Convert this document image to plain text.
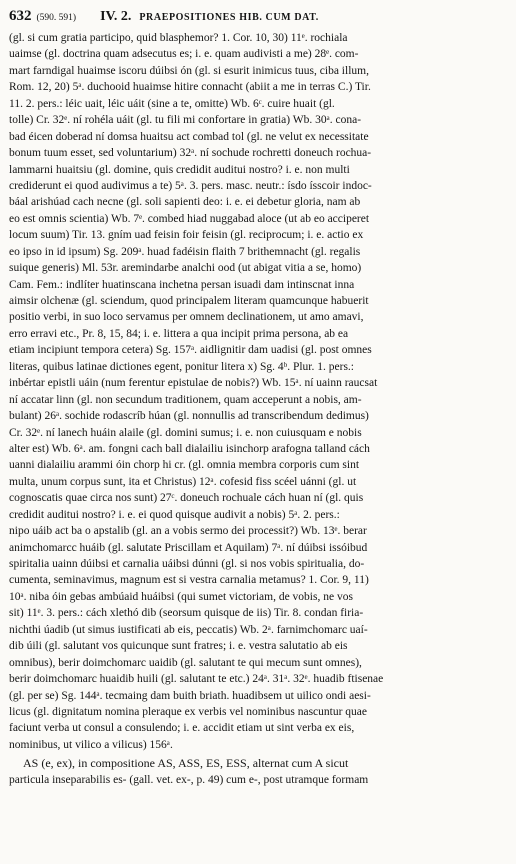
632 (590. 591) IV. 2. PRAEPOSITIONES HIB. CUM DAT.
(gl. si cum gratia participo, quid blasphemor? 1. Cor. 10, 30) 11ᵉ. rochiala
uaimse (gl. doctrina quam adsecutus es; i. e. quam audivisti a me) 28ᵉ. com-
mart farndigal huaimse iscoru dúibsi ón (gl. si esurit inimicus tuus, ciba illum,
Rom. 12, 20) 5ᵃ. duchooid huaimse hitire connacht (abiit a me in terras C.) Tir.
11. 2. pers.: léic uait, léic uáit (sine a te, omitte) Wb. 6ᶜ. cuire huait (gl.
tolle) Cr. 32ᵉ. ní rohéla uáit (gl. tu fili mi confortare in gratia) Wb. 30ᵃ. cona-
bad éicen doberad ní domsa huaitsu act combad tol (gl. ne velut ex necessitate
bonum tuum esset, sed voluntarium) 32ᵃ. ní sochude rochretti doneuch rochua-
lammarni huaitsiu (gl. domine, quis credidit auditui nostro? i. e. non multi
crediderunt ei quod audivimus a te) 5ᵃ. 3. pers. masc. neutr.: ísdo ísscoir indoc-
báal arishúad cach necne (gl. soli sapienti deo: i. e. ei debetur gloria, nam ab
eo est omnis scientia) Wb. 7ᵉ. combed hiad nuggabad aloce (ut ab eo acciperet
locum suum) Tir. 13. gním uad feisin foir feisin (gl. reciprocum; i. e. actio ex
eo ipso in id ipsum) Sg. 209ᵃ. huad fadéisin flaith 7 brithemnacht (gl. regalis
suique generis) Ml. 53r. aremindarbe analchi ood (ut abigat vitia a se, homo)
Cam. Fem.: indlíter huatinscana inchetna persan isuadi dam intinscnat inna
aimsir olchenæ (gl. sciendum, quod principalem literam quamcunque habuerit
positio verbi, in suo loco servamus per omnem declinationem, ut amo amavi,
erro erravi etc., Pr. 8, 15, 84; i. e. littera a qua incipit prima persona, ab ea
etiam incipiunt tempora cetera) Sg. 157ᵃ. aidlignitir dam uadisi (gl. post omnes
literas, quibus latinae dictiones egent, ponitur litera x) Sg. 4ᵇ. Plur. 1. pers.:
inbértar epistli uáin (num ferentur epistulae de nobis?) Wb. 15ᵃ. ní uainn raucsat
ní accatar linn (gl. non secundum traditionem, quam acceperunt a nobis, am-
bulant) 26ᵃ. sochide rodascríb húan (gl. nonnullis ad transcribendum dedimus)
Cr. 32ᵉ. ní lanech huáin alaile (gl. domini sumus; i. e. non cuiusquam e nobis
alter est) Wb. 6ᵃ. am. fongni cach ball dialailiu isinchorp arafogna talland cách
uanni dialailiu arammi óin chorp hi cr. (gl. omnia membra corporis cum sint
multa, unum corpus sunt, ita et Christus) 12ᵃ. cofesid fiss scéel uánni (gl. ut
cognoscatis quae circa nos sunt) 27ᶜ. doneuch rochuale cách huan ní (gl. quis
credidit auditui nostro? i. e. ei quod quisque audivit a nobis) 5ᵃ. 2. pers.:
nipo uáib act ba o apstalib (gl. an a vobis sermo dei processit?) Wb. 13ᵉ. berar
animchomarcc huáib (gl. salutate Priscillam et Aquilam) 7ᵃ. ní dúibsi issóibud
spiritalia uainn dúibsi et carnalia uáibsi dúnni (gl. si nos vobis spiritualia, do-
cumenta, seminavimus, magnum est si vestra carnalia metamus? 1. Cor. 9, 11)
10ᵃ. niba óin gebas ambúaid huáibsi (qui sumet victoriam, de vobis, ne vos
sit) 11ᵉ. 3. pers.: cách xlethó dib (seorsum quisque de iis) Tir. 8. condan firia-
nichthi úadib (ut simus iustificati ab eis, peccatis) Wb. 2ᵃ. farnimchomarc uaí-
dib úili (gl. salutant vos quicunque sunt fratres; i. e. vestra salutatio ab eis
omnibus), berir doimchomarc uaidib (gl. salutant te qui mecum sunt omnes),
berir doimchomarc huaidib huili (gl. salutant te etc.) 24ᵃ. 31ᵃ. 32ᵉ. huadib ftisenae
(gl. per se) Sg. 144ᵃ. tecmaing dam buith briath. huadibsem ut uilico ondi aesi-
licus (gl. dignitatum nomina pleraque ex verbis vel nominibus nascuntur quae
faciunt verba ut consul a consulendo; i. e. accidit etiam ut sint verba ex eis,
nominibus, ut vilico a vilicus) 156ᵃ.
AS (e, ex), in compositione AS, ASS, ES, ESS, alternat cum A sicut
particula inseparabilis es- (gall. vet. ex-, p. 49) cum e-, post utramque formam
